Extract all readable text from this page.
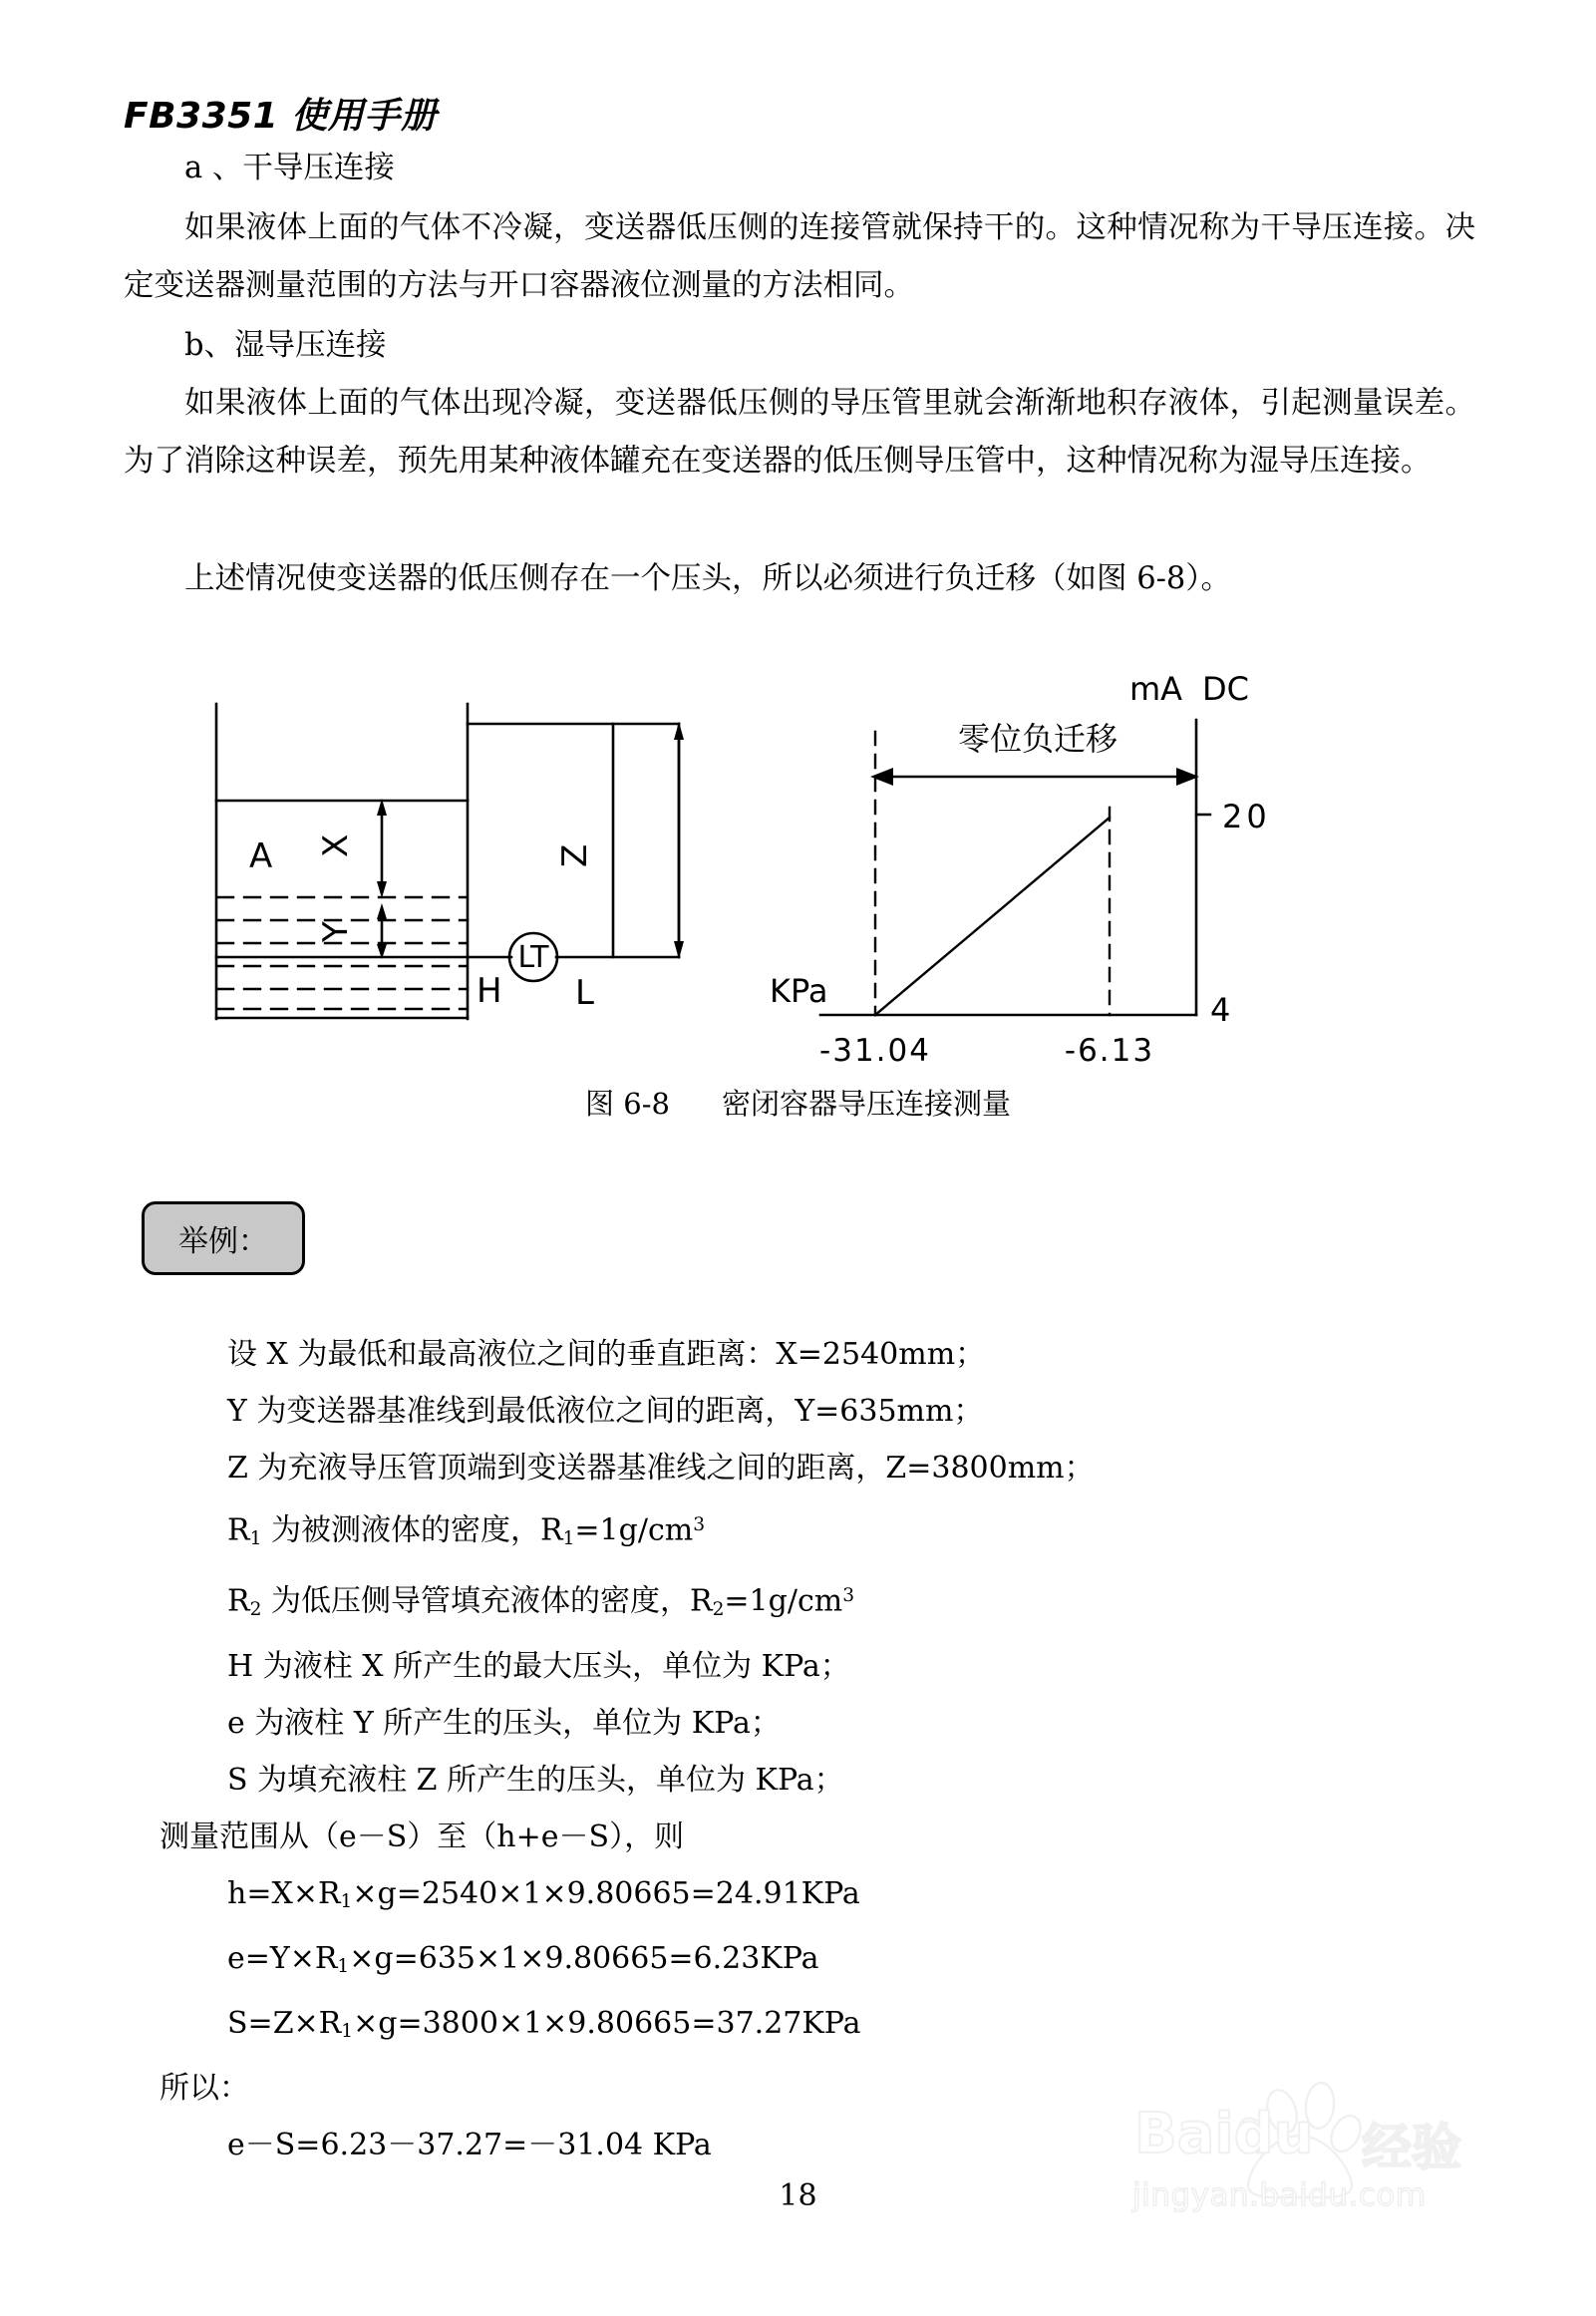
FB3351 使用手册
a 、干导压连接
如果液体上面的气体不冷凝，变送器低压侧的连接管就保持干的。这种情况称为干导压连接。决定变送器测量范围的方法与开口容器液位测量的方法相同。
b、湿导压连接
如果液体上面的气体出现冷凝，变送器低压侧的导压管里就会渐渐地积存液体，引起测量误差。为了消除这种误差，预先用某种液体罐充在变送器的低压侧导压管中，这种情况称为湿导压连接。
上述情况使变送器的低压侧存在一个压头，所以必须进行负迁移（如图 6-8）。
A X
Y
Z
LT
H L
mA DC
KPa
20
4
-31.04	-6.13
零位负迁移
图 6-8 密闭容器导压连接测量
举例：
设 X 为最低和最高液位之间的垂直距离：X=2540mm；
Y 为变送器基准线到最低液位之间的距离，Y=635mm；
Z 为充液导压管顶端到变送器基准线之间的距离，Z=3800mm；
$R_1$ 为被测液体的密度，$R_1=1g/cm^3$
$R_2$ 为低压侧导管填充液体的密度，$R_2=1g/cm^3$
H 为液柱 X 所产生的最大压头，单位为 KPa；
e 为液柱 Y 所产生的压头，单位为 KPa；
S 为填充液柱 Z 所产生的压头，单位为 KPa；
测量范围从（e－S）至（h+e－S），则
$h=X\times R_1\times g=2540\times 1\times 9.80665=24.91KPa$
$e=Y\times R_1\times g=635\times 1\times 9.80665=6.23KPa$
$S=Z\times R_1\times g=3800\times 1\times 9.80665=37.27KPa$
所以：
e－S=6.23－37.27=－31.04 KPa
18
Baidu 经验
jingyan.baidu.com
